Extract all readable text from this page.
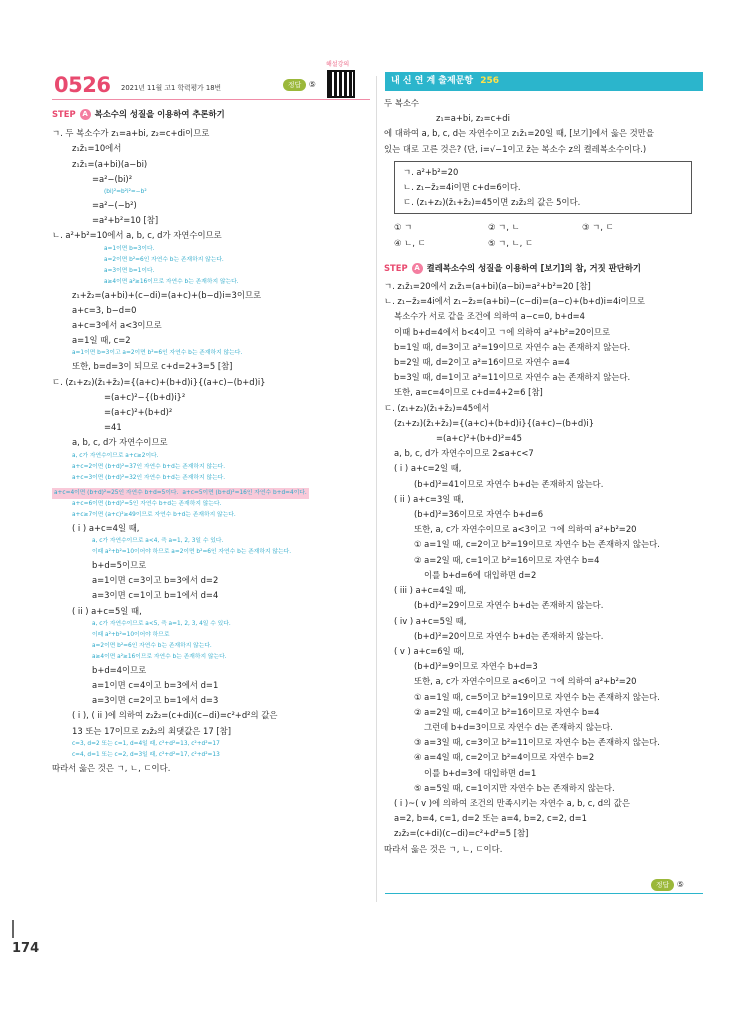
해설강의
0526 2021년 11월 고1 학력평가 18번	정답 ⑤
STEP A 복소수의 성질을 이용하여 추론하기
ㄱ. 두 복소수가 z₁=a+bi, z₂=c+di이므로
z₁z̄₁=10에서
z₁z̄₁=(a+bi)(a−bi)
=a²−(bi)²
(bi)²=b²i²=−b²
=a²−(−b²)
=a²+b²=10 [참]
ㄴ. a²+b²=10에서 a, b, c, d가 자연수이므로
a=1이면 b=3이다.
a=2이면 b²=6인 자연수 b는 존재하지 않는다.
a=3이면 b=1이다.
a≥4이면 a²≥16이므로 자연수 b는 존재하지 않는다.
z₁+z̄₂=(a+bi)+(c−di)=(a+c)+(b−d)i=3이므로
a+c=3, b−d=0
a+c=3에서 a<3이므로
a=1일 때, c=2
a=1이면 b=3이고 a=2이면 b²=6인 자연수 b는 존재하지 않는다.
또한, b=d=3이 되므로 c+d=2+3=5 [참]
ㄷ. (z₁+z₂)(z̄₁+z̄₂)={(a+c)+(b+d)i}{(a+c)−(b+d)i}
=(a+c)²−{(b+d)i}²
=(a+c)²+(b+d)²
=41
a, b, c, d가 자연수이므로
a, c가 자연수이므로 a+c≥2이다.
a+c=2이면 (b+d)²=37인 자연수 b+d는 존재하지 않는다.
a+c=3이면 (b+d)²=32인 자연수 b+d는 존재하지 않는다.
a+c=4이면 (b+d)²=25인 자연수 b+d=5이다. a+c=5이면 (b+d)²=16인 자연수 b+d=4이다.
a+c=6이면 (b+d)²=5인 자연수 b+d는 존재하지 않는다.
a+c≥7이면 (a+c)²≥49이므로 자연수 b+d는 존재하지 않는다.
( i ) a+c=4일 때,
a, c가 자연수이므로 a<4, 즉 a=1, 2, 3일 수 있다.
이때 a²+b²=10이어야 하므로 a=2이면 b²=6인 자연수 b는 존재하지 않는다.
b+d=5이므로
a=1이면 c=3이고 b=3에서 d=2
a=3이면 c=1이고 b=1에서 d=4
( ii ) a+c=5일 때,
a, c가 자연수이므로 a<5, 즉 a=1, 2, 3, 4일 수 있다.
이때 a²+b²=10이어야 하므로
a=2이면 b²=6인 자연수 b는 존재하지 않는다.
a≥4이면 a²≥16이므로 자연수 b는 존재하지 않는다.
b+d=4이므로
a=1이면 c=4이고 b=3에서 d=1
a=3이면 c=2이고 b=1에서 d=3
( i ), ( ii )에 의하여 z₂z̄₂=(c+di)(c−di)=c²+d²의 값은
13 또는 17이므로 z₂z̄₂의 최댓값은 17 [참]
c=3, d=2 또는 c=1, d=4일 때, c²+d²=13, c²+d²=17
c=4, d=1 또는 c=2, d=3일 때, c²+d²=17, c²+d²=13
따라서 옳은 것은 ㄱ, ㄴ, ㄷ이다.
내 신 연 계 출제문항 256
두 복소수
z₁=a+bi, z₂=c+di
에 대하여 a, b, c, d는 자연수이고 z₁z̄₁=20일 때, [보기]에서 옳은 것만을
있는 대로 고른 것은? (단, i=√−1이고 z̄는 복소수 z의 켤레복소수이다.)
ㄱ. a²+b²=20
ㄴ. z₁−z̄₂=4i이면 c+d=6이다.
ㄷ. (z₁+z₂)(z̄₁+z̄₂)=45이면 z₂z̄₂의 값은 5이다.
① ㄱ	② ㄱ, ㄴ	③ ㄱ, ㄷ
④ ㄴ, ㄷ	⑤ ㄱ, ㄴ, ㄷ
STEP A 켤레복소수의 성질을 이용하여 [보기]의 참, 거짓 판단하기
ㄱ. z₁z̄₁=20에서 z₁z̄₁=(a+bi)(a−bi)=a²+b²=20 [참]
ㄴ. z₁−z̄₂=4i에서 z₁−z̄₂=(a+bi)−(c−di)=(a−c)+(b+d)i=4i이므로
복소수가 서로 같을 조건에 의하여 a−c=0, b+d=4
이때 b+d=4에서 b<4이고 ㄱ에 의하여 a²+b²=20이므로
b=1일 때, d=3이고 a²=19이므로 자연수 a는 존재하지 않는다.
b=2일 때, d=2이고 a²=16이므로 자연수 a=4
b=3일 때, d=1이고 a²=11이므로 자연수 a는 존재하지 않는다.
또한, a=c=4이므로 c+d=4+2=6 [참]
ㄷ. (z₁+z₂)(z̄₁+z̄₂)=45에서
(z₁+z₂)(z̄₁+z̄₂)={(a+c)+(b+d)i}{(a+c)−(b+d)i}
=(a+c)²+(b+d)²=45
a, b, c, d가 자연수이므로 2≤a+c<7
( i ) a+c=2일 때,
(b+d)²=41이므로 자연수 b+d는 존재하지 않는다.
( ii ) a+c=3일 때,
(b+d)²=36이므로 자연수 b+d=6
또한, a, c가 자연수이므로 a<3이고 ㄱ에 의하여 a²+b²=20
① a=1일 때, c=2이고 b²=19이므로 자연수 b는 존재하지 않는다.
② a=2일 때, c=1이고 b²=16이므로 자연수 b=4
이를 b+d=6에 대입하면 d=2
( iii ) a+c=4일 때,
(b+d)²=29이므로 자연수 b+d는 존재하지 않는다.
( iv ) a+c=5일 때,
(b+d)²=20이므로 자연수 b+d는 존재하지 않는다.
( v ) a+c=6일 때,
(b+d)²=9이므로 자연수 b+d=3
또한, a, c가 자연수이므로 a<6이고 ㄱ에 의하여 a²+b²=20
① a=1일 때, c=5이고 b²=19이므로 자연수 b는 존재하지 않는다.
② a=2일 때, c=4이고 b²=16이므로 자연수 b=4
그런데 b+d=3이므로 자연수 d는 존재하지 않는다.
③ a=3일 때, c=3이고 b²=11이므로 자연수 b는 존재하지 않는다.
④ a=4일 때, c=2이고 b²=4이므로 자연수 b=2
이를 b+d=3에 대입하면 d=1
⑤ a=5일 때, c=1이지만 자연수 b는 존재하지 않는다.
( i )~( v )에 의하여 조건의 만족시키는 자연수 a, b, c, d의 값은
a=2, b=4, c=1, d=2 또는 a=4, b=2, c=2, d=1
z₂z̄₂=(c+di)(c−di)=c²+d²=5 [참]
따라서 옳은 것은 ㄱ, ㄴ, ㄷ이다.
정답 ⑤
174
